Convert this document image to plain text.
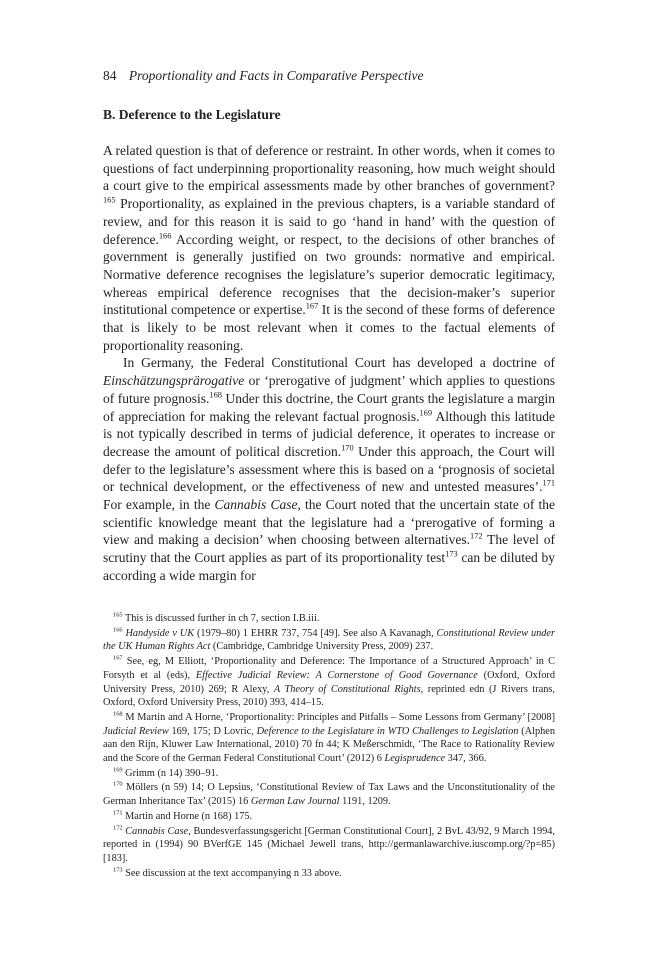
84 Proportionality and Facts in Comparative Perspective
B. Deference to the Legislature

A related question is that of deference or restraint. In other words, when it comes to questions of fact underpinning proportionality reasoning, how much weight should a court give to the empirical assessments made by other branches of government?$^{165}$ Proportionality, as explained in the previous chapters, is a variable standard of review, and for this reason it is said to go ‘hand in hand’ with the question of deference.$^{166}$ According weight, or respect, to the decisions of other branches of government is generally justified on two grounds: normative and empirical. Normative deference recognises the legislature’s superior democratic legitimacy, whereas empirical deference recognises that the decision-maker’s superior institutional competence or expertise.$^{167}$ It is the second of these forms of deference that is likely to be most relevant when it comes to the factual elements of proportionality reasoning.

In Germany, the Federal Constitutional Court has developed a doctrine of Einschätzungsprärogative or ‘prerogative of judgment’ which applies to questions of future prognosis.$^{168}$ Under this doctrine, the Court grants the legislature a margin of appreciation for making the relevant factual prognosis.$^{169}$ Although this latitude is not typically described in terms of judicial deference, it operates to increase or decrease the amount of political discretion.$^{170}$ Under this approach, the Court will defer to the legislature’s assessment where this is based on a ‘prognosis of societal or technical development, or the effectiveness of new and untested measures’.$^{171}$ For example, in the Cannabis Case, the Court noted that the uncertain state of the scientific knowledge meant that the legislature had a ‘prerogative of forming a view and making a decision’ when choosing between alternatives.$^{172}$ The level of scrutiny that the Court applies as part of its proportionality test$^{173}$ can be diluted by according a wide margin for

$^{165}$ This is discussed further in ch 7, section I.B.iii.
$^{166}$ Handyside v UK (1979–80) 1 EHRR 737, 754 [49]. See also A Kavanagh, Constitutional Review under the UK Human Rights Act (Cambridge, Cambridge University Press, 2009) 237.
$^{167}$ See, eg, M Elliott, ‘Proportionality and Deference: The Importance of a Structured Approach’ in C Forsyth et al (eds), Effective Judicial Review: A Cornerstone of Good Governance (Oxford, Oxford University Press, 2010) 269; R Alexy, A Theory of Constitutional Rights, reprinted edn (J Rivers trans, Oxford, Oxford University Press, 2010) 393, 414–15.
$^{168}$ M Martin and A Horne, ‘Proportionality: Principles and Pitfalls – Some Lessons from Germany’ [2008] Judicial Review 169, 175; D Lovric, Deference to the Legislature in WTO Challenges to Legislation (Alphen aan den Rijn, Kluwer Law International, 2010) 70 fn 44; K Meßerschmidt, ‘The Race to Rationality Review and the Score of the German Federal Constitutional Court’ (2012) 6 Legisprudence 347, 366.
$^{169}$ Grimm (n 14) 390–91.
$^{170}$ Möllers (n 59) 14; O Lepsius, ‘Constitutional Review of Tax Laws and the Unconstitutionality of the German Inheritance Tax’ (2015) 16 German Law Journal 1191, 1209.
$^{171}$ Martin and Horne (n 168) 175.
$^{172}$ Cannabis Case, Bundesverfassungsgericht [German Constitutional Court], 2 BvL 43/92, 9 March 1994, reported in (1994) 90 BVerfGE 145 (Michael Jewell trans, http://germanlawarchive.iuscomp.org/?p=85) [183].
$^{173}$ See discussion at the text accompanying n 33 above.
